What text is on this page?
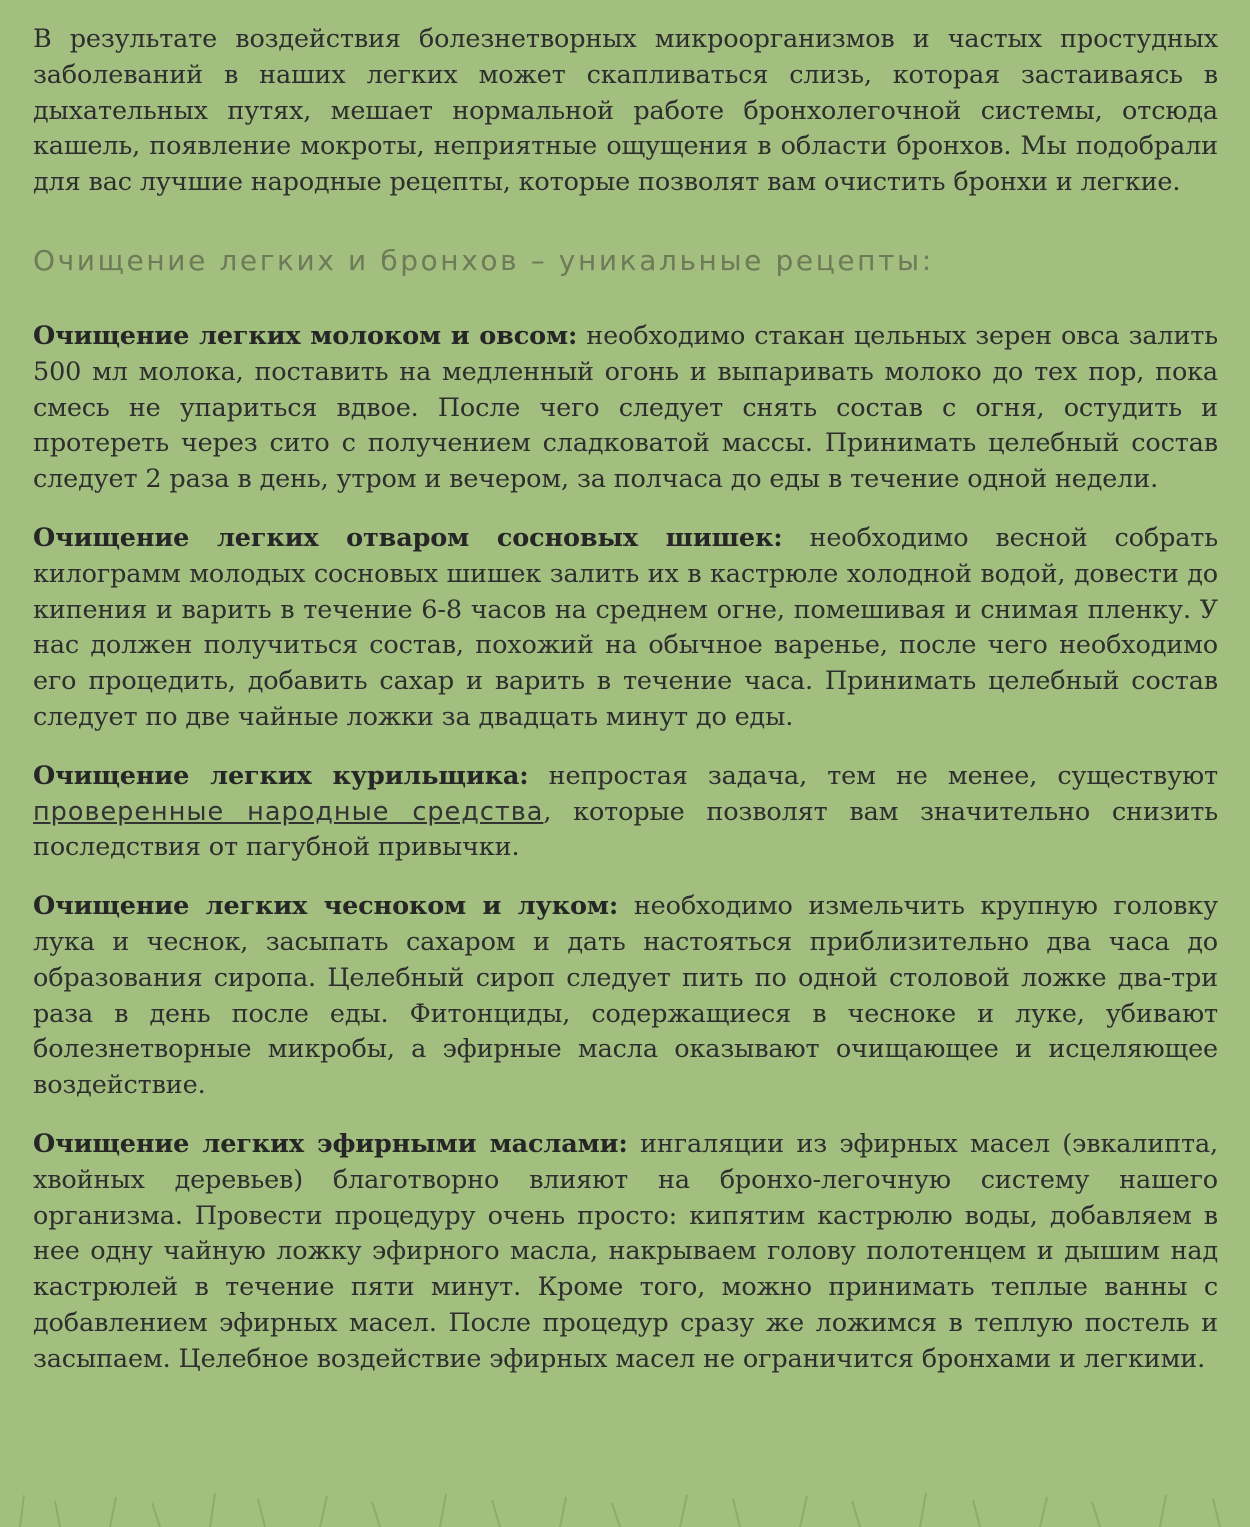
В результате воздействия болезнетворных микроорганизмов и частых простудных заболеваний в наших легких может скапливаться слизь, которая застаиваясь в дыхательных путях, мешает нормальной работе бронхолегочной системы, отсюда кашель, появление мокроты, неприятные ощущения в области бронхов. Мы подобрали для вас лучшие народные рецепты, которые позволят вам очистить бронхи и легкие.

Очищение легких и бронхов – уникальные рецепты:

Очищение легких молоком и овсом: необходимо стакан цельных зерен овса залить 500 мл молока, поставить на медленный огонь и выпаривать молоко до тех пор, пока смесь не упариться вдвое. После чего следует снять состав с огня, остудить и протереть через сито с получением сладковатой массы. Принимать целебный состав следует 2 раза в день, утром и вечером, за полчаса до еды в течение одной недели.

Очищение легких отваром сосновых шишек: необходимо весной собрать килограмм молодых сосновых шишек залить их в кастрюле холодной водой, довести до кипения и варить в течение 6-8 часов на среднем огне, помешивая и снимая пленку. У нас должен получиться состав, похожий на обычное варенье, после чего необходимо его процедить, добавить сахар и варить в течение часа. Принимать целебный состав следует по две чайные ложки за двадцать минут до еды.

Очищение легких курильщика: непростая задача, тем не менее, существуют проверенные народные средства, которые позволят вам значительно снизить последствия от пагубной привычки.

Очищение легких чесноком и луком: необходимо измельчить крупную головку лука и чеснок, засыпать сахаром и дать настояться приблизительно два часа до образования сиропа. Целебный сироп следует пить по одной столовой ложке два-три раза в день после еды. Фитонциды, содержащиеся в чесноке и луке, убивают болезнетворные микробы, а эфирные масла оказывают очищающее и исцеляющее воздействие.

Очищение легких эфирными маслами: ингаляции из эфирных масел (эвкалипта, хвойных деревьев) благотворно влияют на бронхо-легочную систему нашего организма. Провести процедуру очень просто: кипятим кастрюлю воды, добавляем в нее одну чайную ложку эфирного масла, накрываем голову полотенцем и дышим над кастрюлей в течение пяти минут. Кроме того, можно принимать теплые ванны с добавлением эфирных масел. После процедур сразу же ложимся в теплую постель и засыпаем. Целебное воздействие эфирных масел не ограничится бронхами и легкими.
